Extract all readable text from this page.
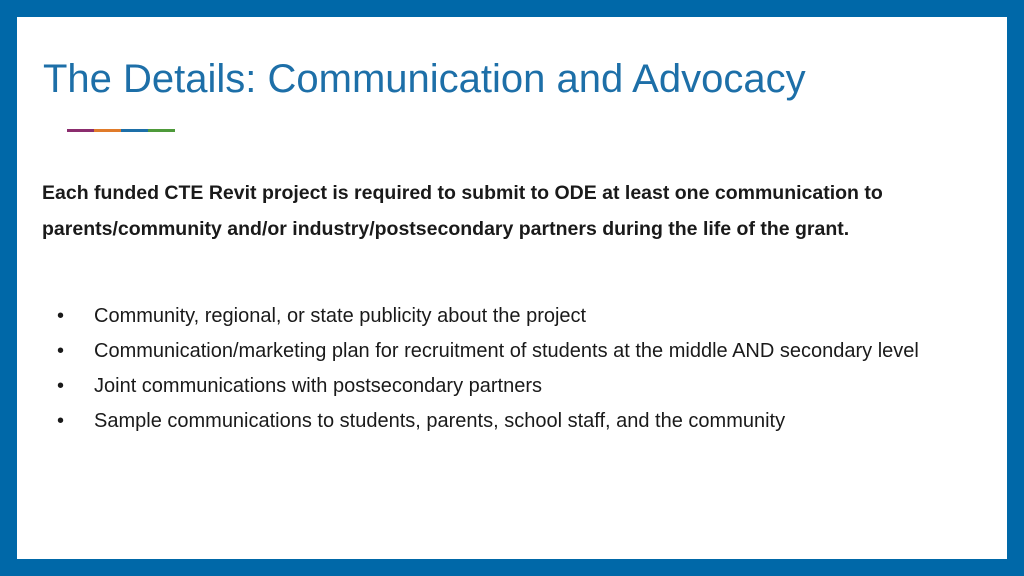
The Details: Communication and Advocacy

Each funded CTE Revit project is required to submit to ODE at least one communication to parents/community and/or industry/postsecondary partners during the life of the grant.

• Community, regional, or state publicity about the project
• Communication/marketing plan for recruitment of students at the middle AND secondary level
• Joint communications with postsecondary partners
• Sample communications to students, parents, school staff, and the community
